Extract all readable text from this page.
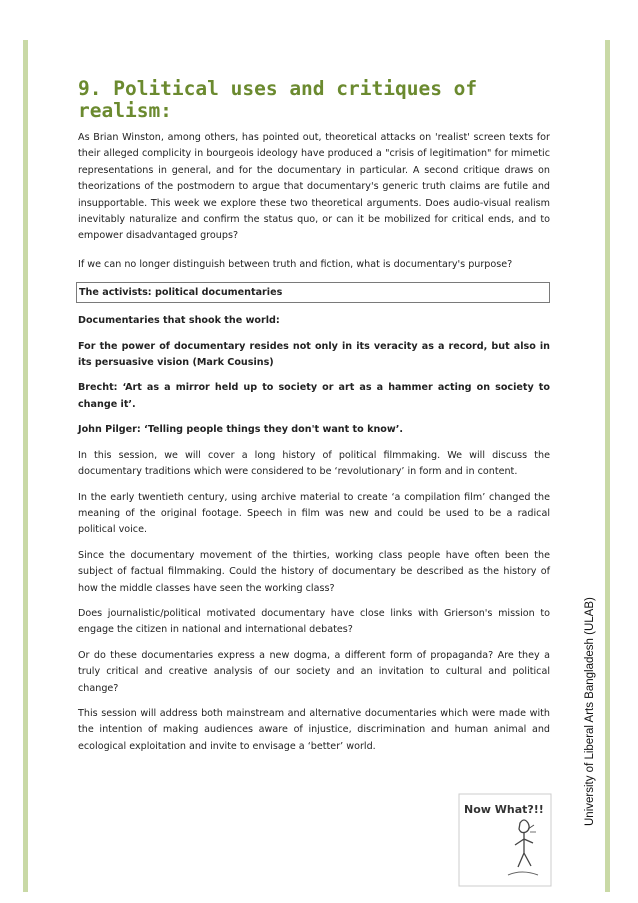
9. Political uses and critiques of realism:

As Brian Winston, among others, has pointed out, theoretical attacks on 'realist' screen texts for their alleged complicity in bourgeois ideology have produced a "crisis of legitimation" for mimetic representations in general, and for the documentary in particular. A second critique draws on theorizations of the postmodern to argue that documentary's generic truth claims are futile and insupportable. This week we explore these two theoretical arguments. Does audio-visual realism inevitably naturalize and confirm the status quo, or can it be mobilized for critical ends, and to empower disadvantaged groups?

If we can no longer distinguish between truth and fiction, what is documentary's purpose?

The activists: political documentaries

Documentaries that shook the world:

For the power of documentary resides not only in its veracity as a record, but also in its persuasive vision (Mark Cousins)

Brecht: ‘Art as a mirror held up to society or art as a hammer acting on society to change it’.

John Pilger: ‘Telling people things they don't want to know’.

In this session, we will cover a long history of political filmmaking. We will discuss the documentary traditions which were considered to be ‘revolutionary’ in form and in content.

In the early twentieth century, using archive material to create ‘a compilation film’ changed the meaning of the original footage. Speech in film was new and could be used to be a radical political voice.

Since the documentary movement of the thirties, working class people have often been the subject of factual filmmaking. Could the history of documentary be described as the history of how the middle classes have seen the working class?

Does journalistic/political motivated documentary have close links with Grierson's mission to engage the citizen in national and international debates?

Or do these documentaries express a new dogma, a different form of propaganda? Are they a truly critical and creative analysis of our society and an invitation to cultural and political change?

This session will address both mainstream and alternative documentaries which were made with the intention of making audiences aware of injustice, discrimination and human animal and ecological exploitation and invite to envisage a ‘better’ world.	University of Liberal Arts Bangladesh (ULAB)
Now What?!!
